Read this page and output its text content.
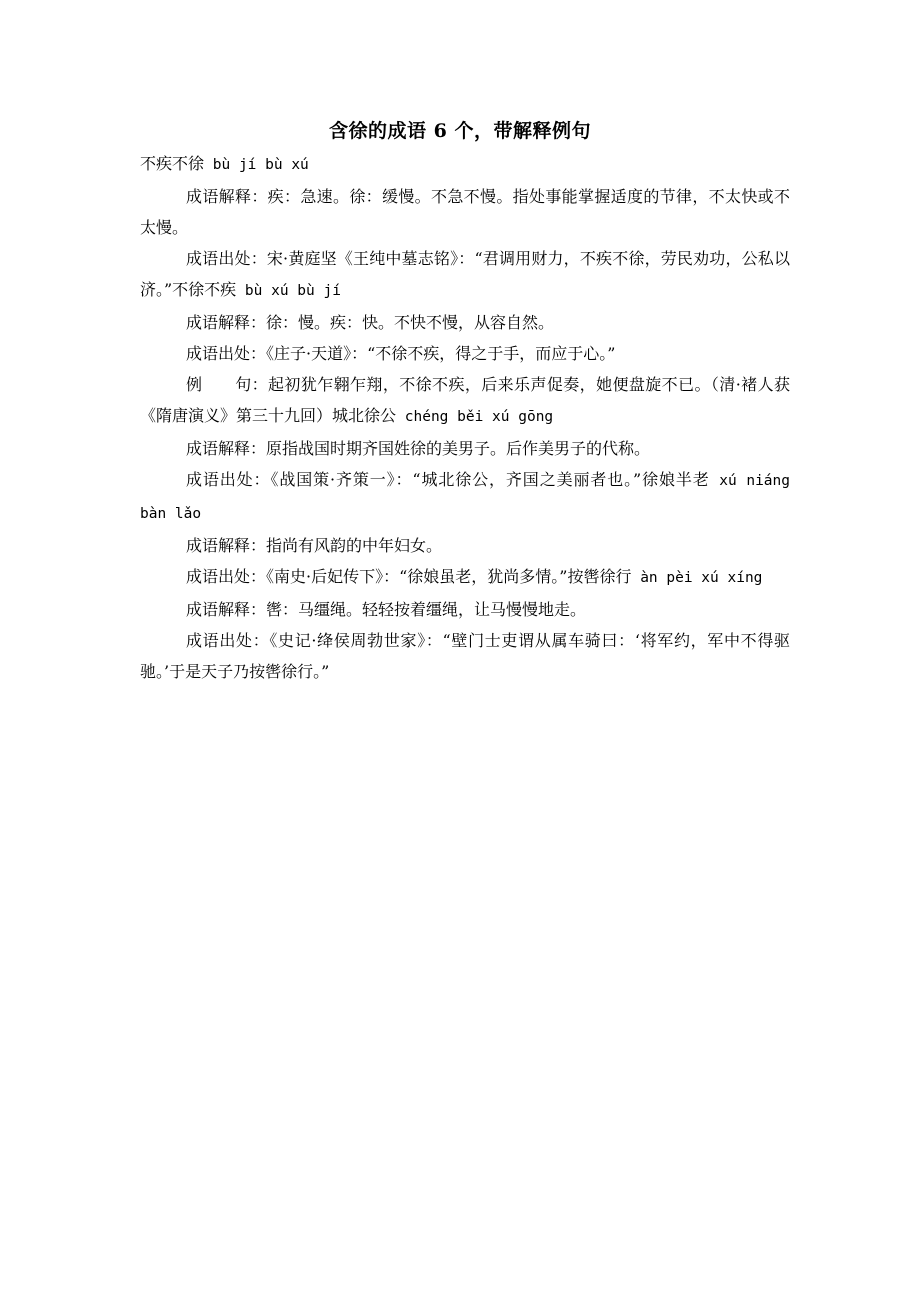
含徐的成语 6 个，带解释例句

不疾不徐 bù jí bù xú

成语解释：疾：急速。徐：缓慢。不急不慢。指处事能掌握适度的节律，不太快或不太慢。

成语出处：宋·黄庭坚《王纯中墓志铭》：“君调用财力，不疾不徐，劳民劝功，公私以济。”不徐不疾 bù xú bù jí

成语解释：徐：慢。疾：快。不快不慢，从容自然。

成语出处：《庄子·天道》：“不徐不疾，得之于手，而应于心。”

例　　句：起初犹乍翱乍翔，不徐不疾，后来乐声促奏，她便盘旋不已。（清·褚人获《隋唐演义》第三十九回）城北徐公 chéng běi xú gōng

成语解释：原指战国时期齐国姓徐的美男子。后作美男子的代称。

成语出处：《战国策·齐策一》：“城北徐公，齐国之美丽者也。”徐娘半老 xú niáng bàn lǎo

成语解释：指尚有风韵的中年妇女。

成语出处：《南史·后妃传下》：“徐娘虽老，犹尚多情。”按辔徐行 àn pèi xú xíng

成语解释：辔：马缰绳。轻轻按着缰绳，让马慢慢地走。

成语出处：《史记·绛侯周勃世家》：“壁门士吏谓从属车骑曰：‘将军约，军中不得驱驰。’于是天子乃按辔徐行。”
